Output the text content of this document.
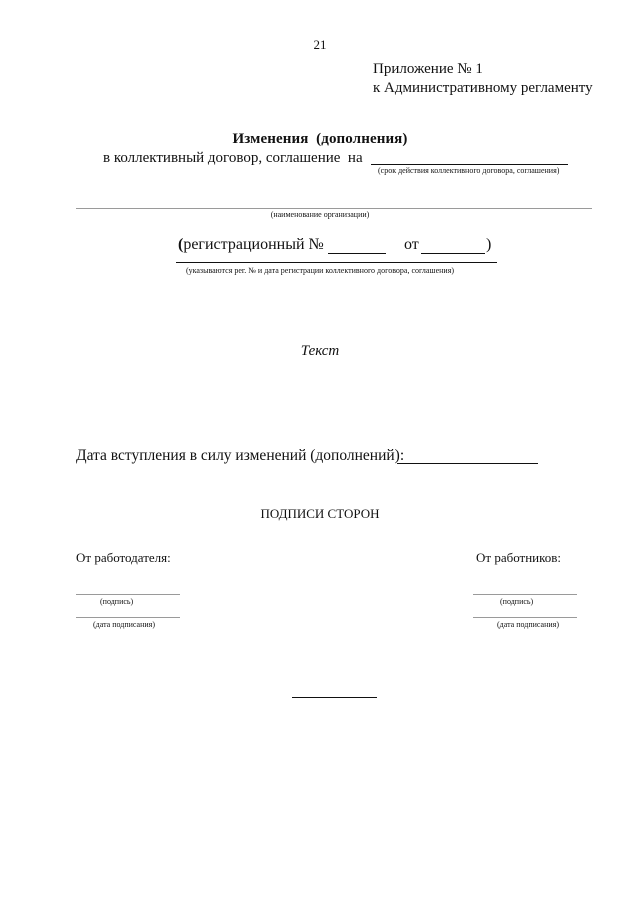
21
Приложение № 1
к Административному регламенту
Изменения  (дополнения)
в коллективный договор, соглашение  на
(срок действия коллективного договора, соглашения)
(наименование организации)
(регистрационный №	от	)
(указываются рег. № и дата регистрации коллективного договора, соглашения)
Текст
Дата вступления в силу изменений (дополнений):
ПОДПИСИ СТОРОН
От работодателя:
(подпись)
(дата подписания)
От работников:
(подпись)
(дата подписания)
